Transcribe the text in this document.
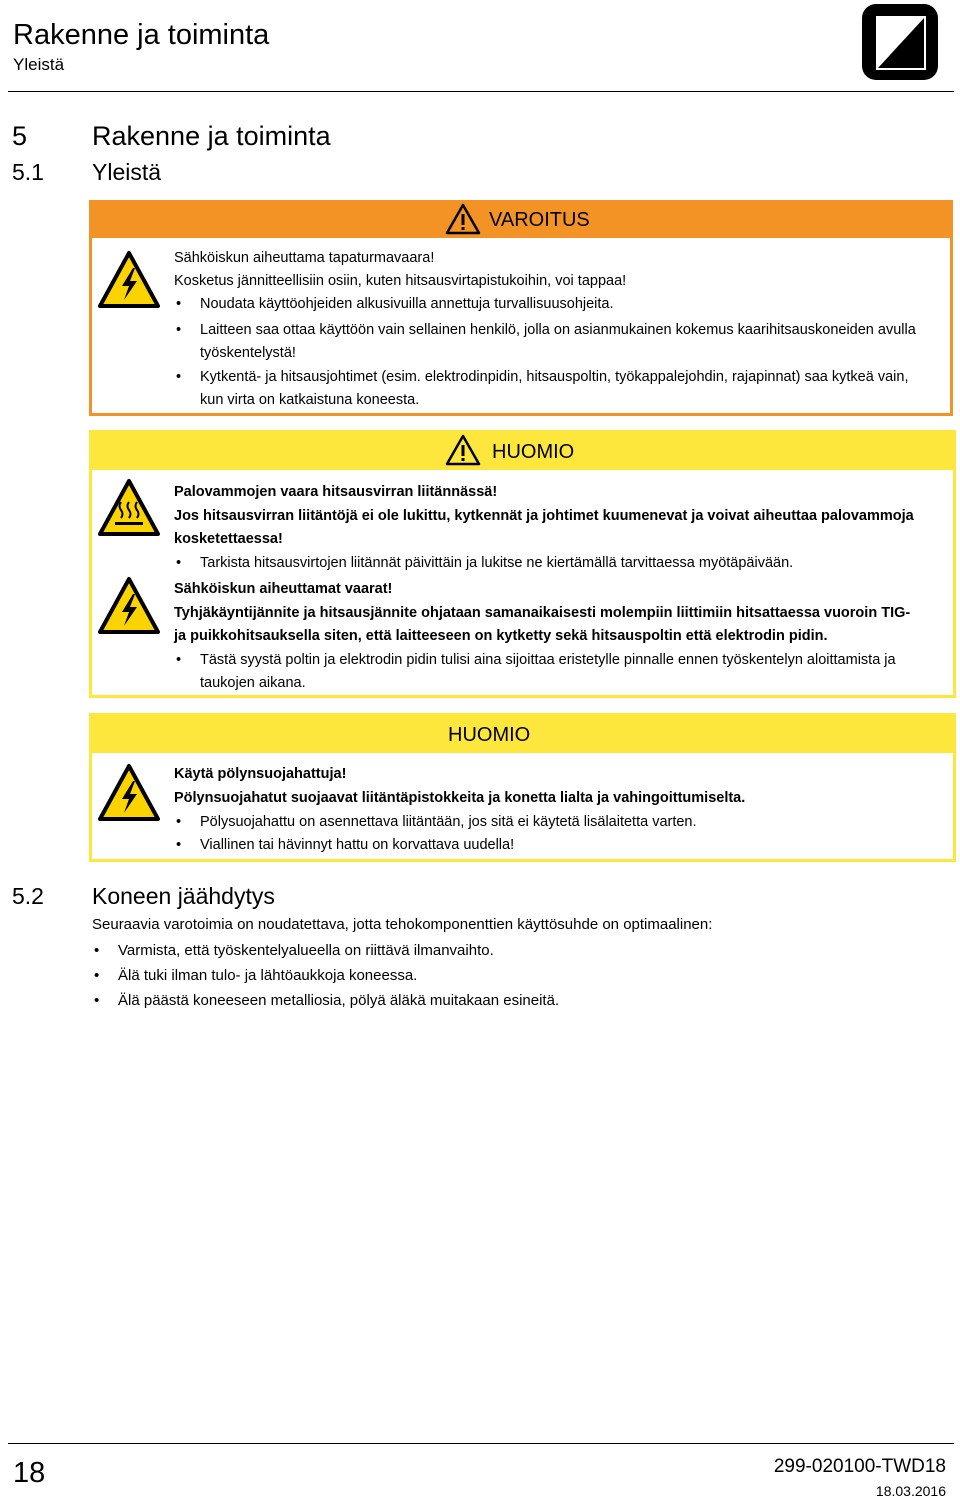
Rakenne ja toiminta
Yleistä
5 Rakenne ja toiminta
5.1 Yleistä
VAROITUS
Sähköiskun aiheuttama tapaturmavaara!
Kosketus jännitteellisiin osiin, kuten hitsausvirtapistukoihin, voi tappaa!
• Noudata käyttöohjeiden alkusivuilla annettuja turvallisuusohjeita.
• Laitteen saa ottaa käyttöön vain sellainen henkilö, jolla on asianmukainen kokemus kaarihitsauskoneiden avulla
työskentelystä!
• Kytkentä- ja hitsausjohtimet (esim. elektrodinpidin, hitsauspoltin, työkappalejohdin, rajapinnat) saa kytkeä vain,
kun virta on katkaistuna koneesta.
HUOMIO
Palovammojen vaara hitsausvirran liitännässä!
Jos hitsausvirran liitäntöjä ei ole lukittu, kytkennät ja johtimet kuumenevat ja voivat aiheuttaa palovammoja
kosketettaessa!
• Tarkista hitsausvirtojen liitännät päivittäin ja lukitse ne kiertämällä tarvittaessa myötäpäivään.
Sähköiskun aiheuttamat vaarat!
Tyhjäkäyntijännite ja hitsausjännite ohjataan samanaikaisesti molempiin liittimiin hitsattaessa vuoroin TIG-
ja puikkohitsauksella siten, että laitteeseen on kytketty sekä hitsauspoltin että elektrodin pidin.
• Tästä syystä poltin ja elektrodin pidin tulisi aina sijoittaa eristetylle pinnalle ennen työskentelyn aloittamista ja
taukojen aikana.
HUOMIO
Käytä pölynsuojahattuja!
Pölynsuojahatut suojaavat liitäntäpistokkeita ja konetta lialta ja vahingoittumiselta.
• Pölysuojahattu on asennettava liitäntään, jos sitä ei käytetä lisälaitetta varten.
• Viallinen tai hävinnyt hattu on korvattava uudella!
5.2 Koneen jäähdytys
Seuraavia varotoimia on noudatettava, jotta tehokomponenttien käyttösuhde on optimaalinen:
• Varmista, että työskentelyalueella on riittävä ilmanvaihto.
• Älä tuki ilman tulo- ja lähtöaukkoja koneessa.
• Älä päästä koneeseen metalliosia, pölyä äläkä muitakaan esineitä.
18	299-020100-TWD18
18.03.2016
